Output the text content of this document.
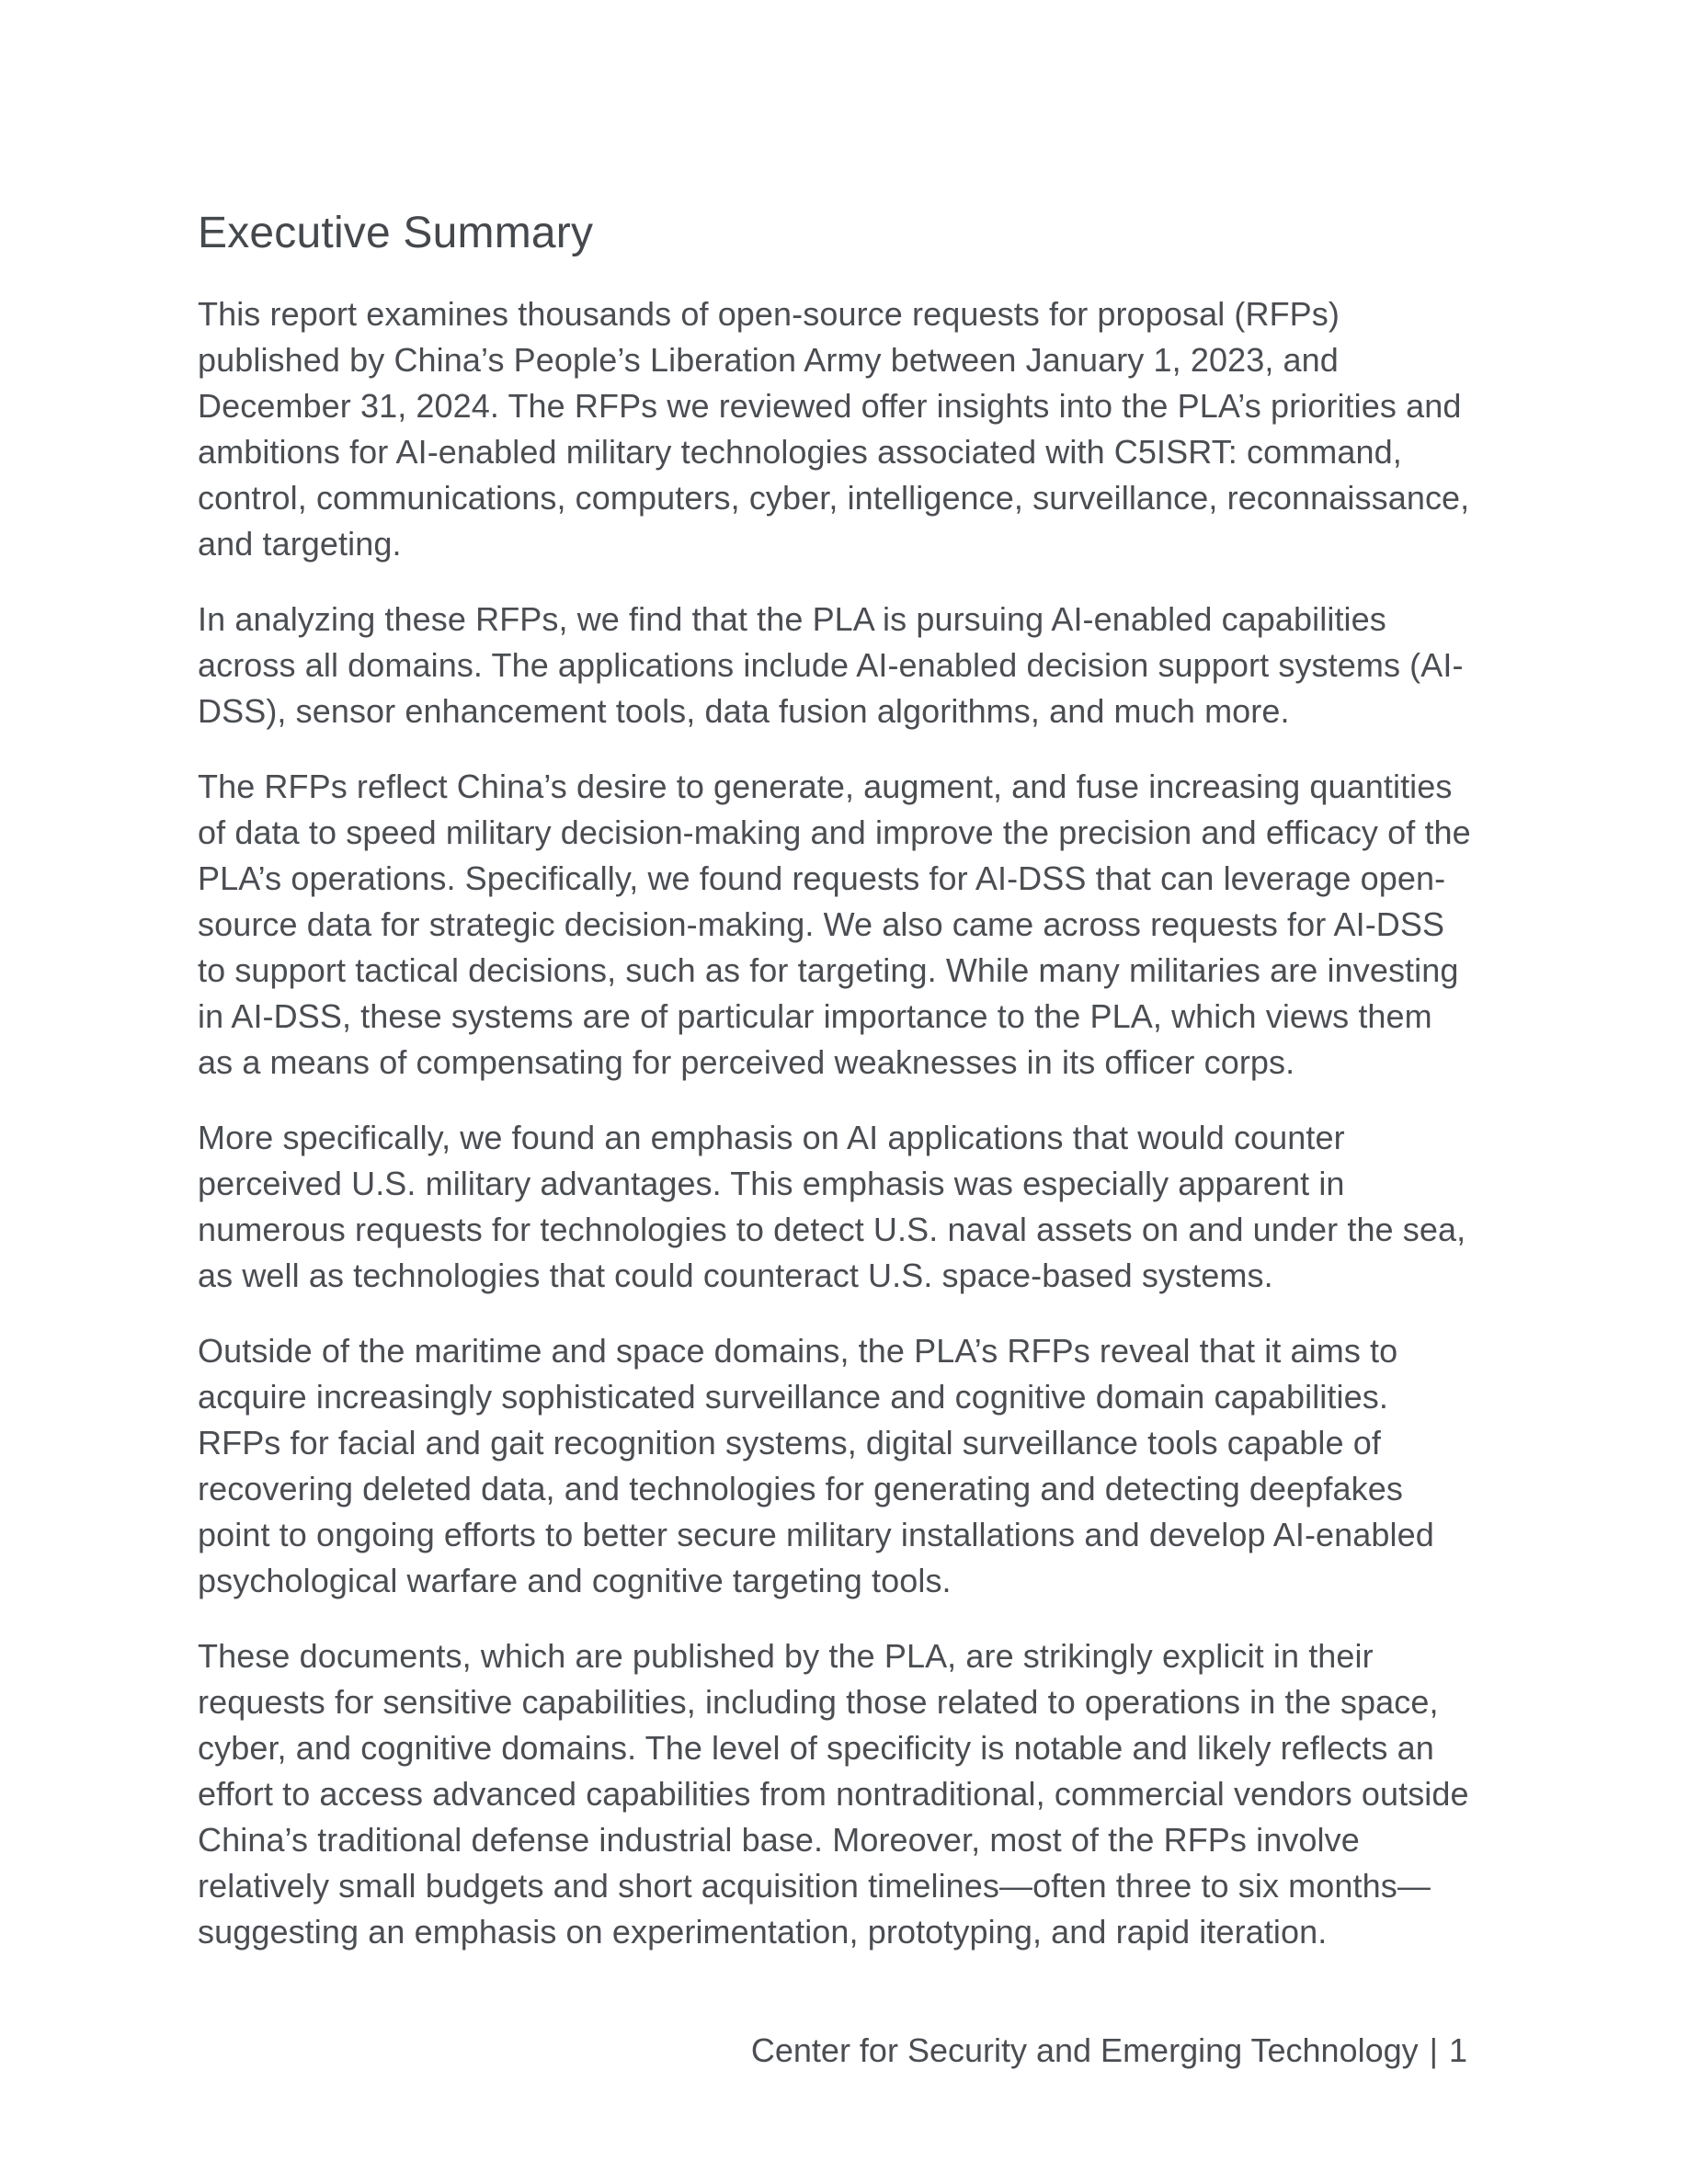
Executive Summary

This report examines thousands of open-source requests for proposal (RFPs) published by China’s People’s Liberation Army between January 1, 2023, and December 31, 2024. The RFPs we reviewed offer insights into the PLA’s priorities and ambitions for AI-enabled military technologies associated with C5ISRT: command, control, communications, computers, cyber, intelligence, surveillance, reconnaissance, and targeting.

In analyzing these RFPs, we find that the PLA is pursuing AI-enabled capabilities across all domains. The applications include AI-enabled decision support systems (AI-DSS), sensor enhancement tools, data fusion algorithms, and much more.

The RFPs reflect China’s desire to generate, augment, and fuse increasing quantities of data to speed military decision-making and improve the precision and efficacy of the PLA’s operations. Specifically, we found requests for AI-DSS that can leverage open-source data for strategic decision-making. We also came across requests for AI-DSS to support tactical decisions, such as for targeting. While many militaries are investing in AI-DSS, these systems are of particular importance to the PLA, which views them as a means of compensating for perceived weaknesses in its officer corps.

More specifically, we found an emphasis on AI applications that would counter perceived U.S. military advantages. This emphasis was especially apparent in numerous requests for technologies to detect U.S. naval assets on and under the sea, as well as technologies that could counteract U.S. space-based systems.

Outside of the maritime and space domains, the PLA’s RFPs reveal that it aims to acquire increasingly sophisticated surveillance and cognitive domain capabilities. RFPs for facial and gait recognition systems, digital surveillance tools capable of recovering deleted data, and technologies for generating and detecting deepfakes point to ongoing efforts to better secure military installations and develop AI-enabled psychological warfare and cognitive targeting tools.

These documents, which are published by the PLA, are strikingly explicit in their requests for sensitive capabilities, including those related to operations in the space, cyber, and cognitive domains. The level of specificity is notable and likely reflects an effort to access advanced capabilities from nontraditional, commercial vendors outside China’s traditional defense industrial base. Moreover, most of the RFPs involve relatively small budgets and short acquisition timelines—often three to six months—suggesting an emphasis on experimentation, prototyping, and rapid iteration.

Center for Security and Emerging Technology | 1
